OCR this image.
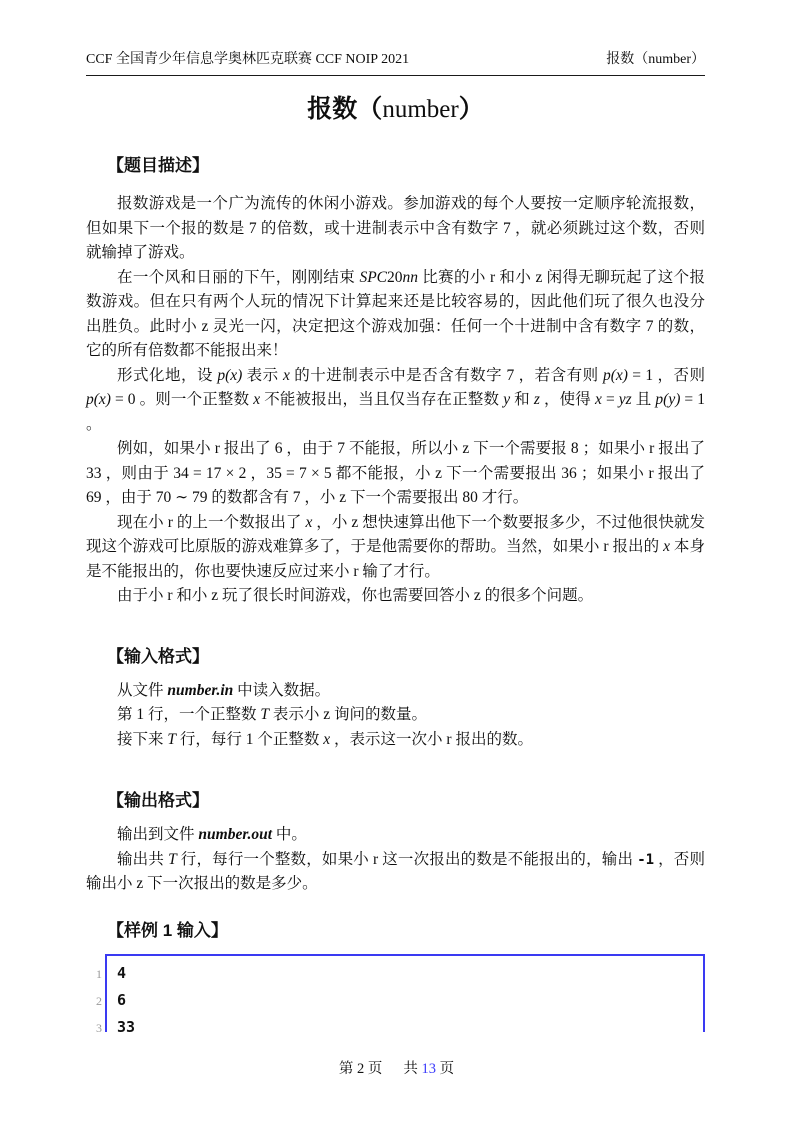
CCF 全国青少年信息学奥林匹克联赛 CCF NOIP 2021	报数（number）
报数（number）
【题目描述】

报数游戏是一个广为流传的休闲小游戏。参加游戏的每个人要按一定顺序轮流报数，但如果下一个报的数是 7 的倍数，或十进制表示中含有数字 7 ，就必须跳过这个数，否则就输掉了游戏。

在一个风和日丽的下午，刚刚结束 SPC20nn 比赛的小 r 和小 z 闲得无聊玩起了这个报数游戏。但在只有两个人玩的情况下计算起来还是比较容易的，因此他们玩了很久也没分出胜负。此时小 z 灵光一闪，决定把这个游戏加强：任何一个十进制中含有数字 7 的数，它的所有倍数都不能报出来！

形式化地，设 p(x) 表示 x 的十进制表示中是否含有数字 7 ，若含有则 p(x) = 1 ，否则 p(x) = 0 。则一个正整数 x 不能被报出，当且仅当存在正整数 y 和 z ，使得 x = yz 且 p(y) = 1 。

例如，如果小 r 报出了 6 ，由于 7 不能报，所以小 z 下一个需要报 8 ；如果小 r 报出了 33 ，则由于 34 = 17 × 2 ，35 = 7 × 5 都不能报，小 z 下一个需要报出 36 ；如果小 r 报出了 69 ，由于 70 ∼ 79 的数都含有 7 ，小 z 下一个需要报出 80 才行。

现在小 r 的上一个数报出了 x ，小 z 想快速算出他下一个数要报多少，不过他很快就发现这个游戏可比原版的游戏难算多了，于是他需要你的帮助。当然，如果小 r 报出的 x 本身是不能报出的，你也要快速反应过来小 r 输了才行。

由于小 r 和小 z 玩了很长时间游戏，你也需要回答小 z 的很多个问题。

【输入格式】

从文件 number.in 中读入数据。

第 1 行，一个正整数 T 表示小 z 询问的数量。

接下来 T 行，每行 1 个正整数 x ，表示这一次小 r 报出的数。

【输出格式】

输出到文件 number.out 中。

输出共 T 行，每行一个整数，如果小 r 这一次报出的数是不能报出的，输出 -1 ，否则输出小 z 下一次报出的数是多少。

【样例 1 输入】
1 4
2 6
3 33
第 2 页 共 13 页
